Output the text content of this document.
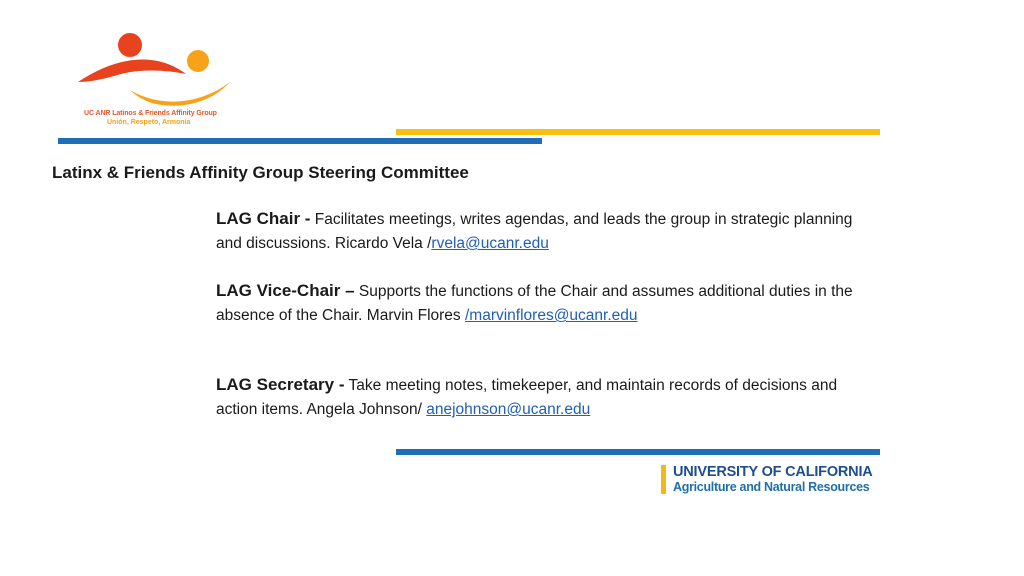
UC ANR Latinos & Friends Affinity Group
Unión, Respeto, Armonía
Latinx & Friends Affinity Group Steering Committee
LAG Chair - Facilitates meetings, writes agendas, and leads the group in strategic planning and discussions. Ricardo Vela /rvela@ucanr.edu
LAG Vice-Chair – Supports the functions of the Chair and assumes additional duties in the absence of the Chair. Marvin Flores /marvinflores@ucanr.edu
LAG Secretary - Take meeting notes, timekeeper, and maintain records of decisions and action items. Angela Johnson/ anejohnson@ucanr.edu
UNIVERSITY OF CALIFORNIA
Agriculture and Natural Resources
